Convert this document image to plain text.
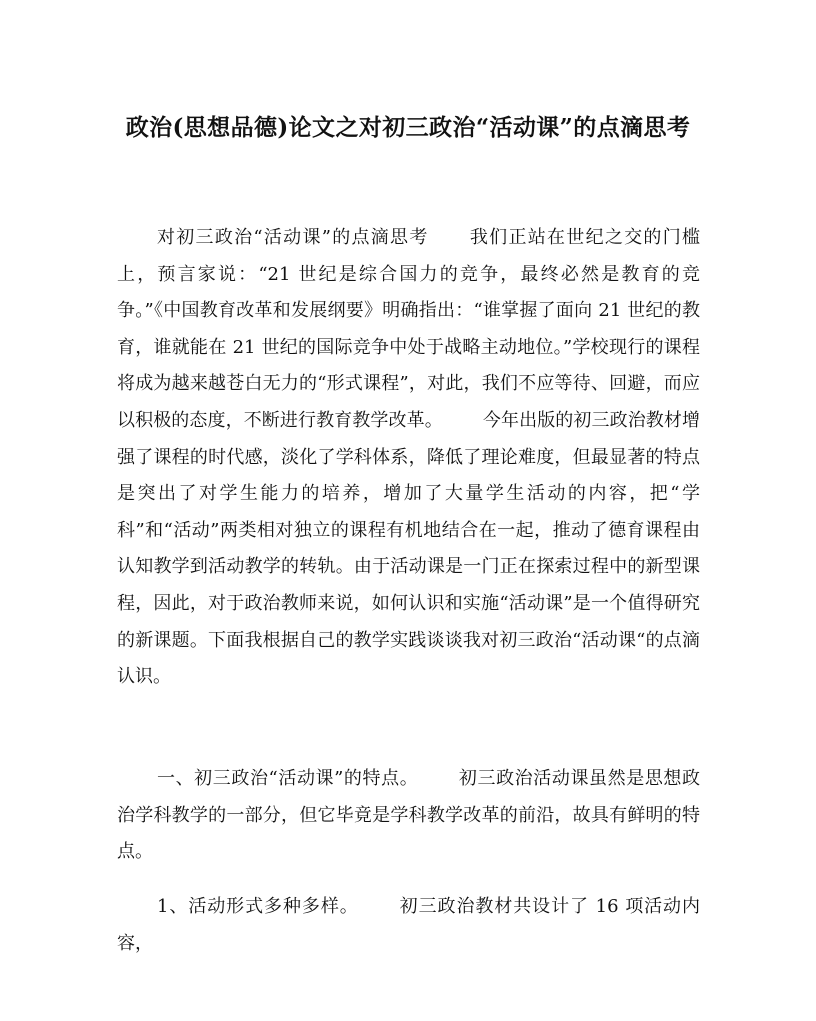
政治(思想品德)论文之对初三政治“活动课”的点滴思考

对初三政治“活动课”的点滴思考 我们正站在世纪之交的门槛上，预言家说：“21 世纪是综合国力的竞争，最终必然是教育的竞争。”《中国教育改革和发展纲要》明确指出：“谁掌握了面向 21 世纪的教育，谁就能在 21 世纪的国际竞争中处于战略主动地位。”学校现行的课程将成为越来越苍白无力的“形式课程”，对此，我们不应等待、回避，而应以积极的态度，不断进行教育教学改革。 今年出版的初三政治教材增强了课程的时代感，淡化了学科体系，降低了理论难度，但最显著的特点是突出了对学生能力的培养，增加了大量学生活动的内容，把“学科”和“活动”两类相对独立的课程有机地结合在一起，推动了德育课程由认知教学到活动教学的转轨。由于活动课是一门正在探索过程中的新型课程，因此，对于政治教师来说，如何认识和实施“活动课”是一个值得研究的新课题。下面我根据自己的教学实践谈谈我对初三政治“活动课“的点滴认识。

一、初三政治“活动课”的特点。 初三政治活动课虽然是思想政治学科教学的一部分，但它毕竟是学科教学改革的前沿，故具有鲜明的特点。

1、活动形式多种多样。 初三政治教材共设计了 16 项活动内容，
